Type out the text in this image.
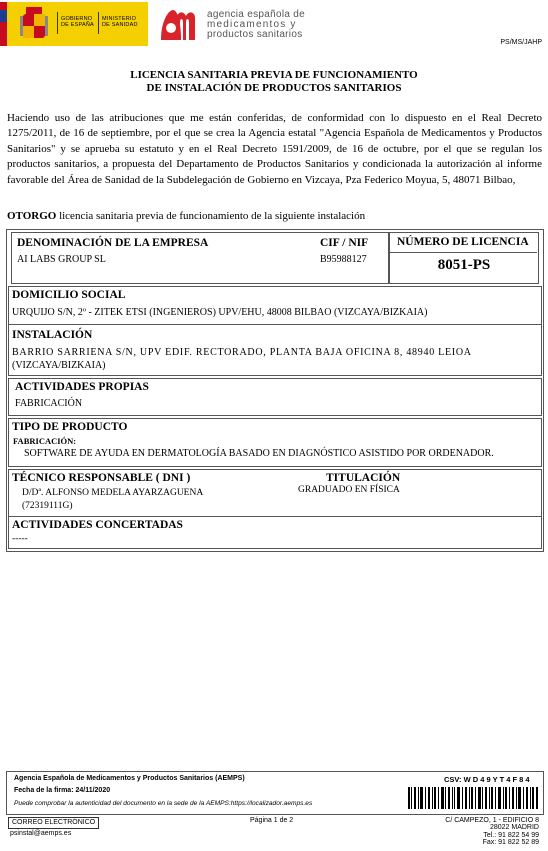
GOBIERNO
DE ESPAÑA
MINISTERIO
DE SANIDAD
agencia española de
medicamentos y
productos sanitarios
PS/MS/JAHP
LICENCIA SANITARIA PREVIA DE FUNCIONAMIENTO
DE INSTALACIÓN DE PRODUCTOS SANITARIOS
Haciendo uso de las atribuciones que me están conferidas, de conformidad con lo dispuesto en el Real Decreto 1275/2011, de 16 de septiembre, por el que se crea la Agencia estatal "Agencia Española de Medicamentos y Productos Sanitarios" y se aprueba su estatuto y en el Real Decreto 1591/2009, de 16 de octubre, por el que se regulan los productos sanitarios, a propuesta del Departamento de Productos Sanitarios y condicionada la autorización al informe favorable del Área de Sanidad de la Subdelegación de Gobierno en Vizcaya, Pza Federico Moyua, 5, 48071 Bilbao,
OTORGO licencia sanitaria previa de funcionamiento de la siguiente instalación
DENOMINACIÓN DE LA EMPRESA
AI LABS GROUP SL
CIF / NIF
B95988127
NÚMERO DE LICENCIA
8051-PS
DOMICILIO SOCIAL
URQUIJO S/N, 2º - ZITEK ETSI (INGENIEROS) UPV/EHU, 48008 BILBAO (VIZCAYA/BIZKAIA)
INSTALACIÓN
BARRIO SARRIENA S/N, UPV EDIF. RECTORADO, PLANTA BAJA OFICINA 8, 48940 LEIOA
(VIZCAYA/BIZKAIA)
ACTIVIDADES PROPIAS
FABRICACIÓN
TIPO DE PRODUCTO
FABRICACIÓN:
SOFTWARE DE AYUDA EN DERMATOLOGÍA BASADO EN DIAGNÓSTICO ASISTIDO POR ORDENADOR.
TÉCNICO RESPONSABLE ( DNI )
D/Dª. ALFONSO MEDELA AYARZAGUENA
(72319111G)
TITULACIÓN
GRADUADO EN FÍSICA
ACTIVIDADES CONCERTADAS
-----
Agencia Española de Medicamentos y Productos Sanitarios (AEMPS)
Fecha de la firma: 24/11/2020
Puede comprobar la autenticidad del documento en la sede de la AEMPS:https://localizador.aemps.es
CSV: W D 4 9 Y T 4 F 8 4
CORREO ELECTRÓNICO
psinstal@aemps.es
Página 1 de 2	C/ CAMPEZO, 1 - EDIFICIO 8
28022 MADRID
Tel.: 91 822 54 99
Fax: 91 822 52 89
